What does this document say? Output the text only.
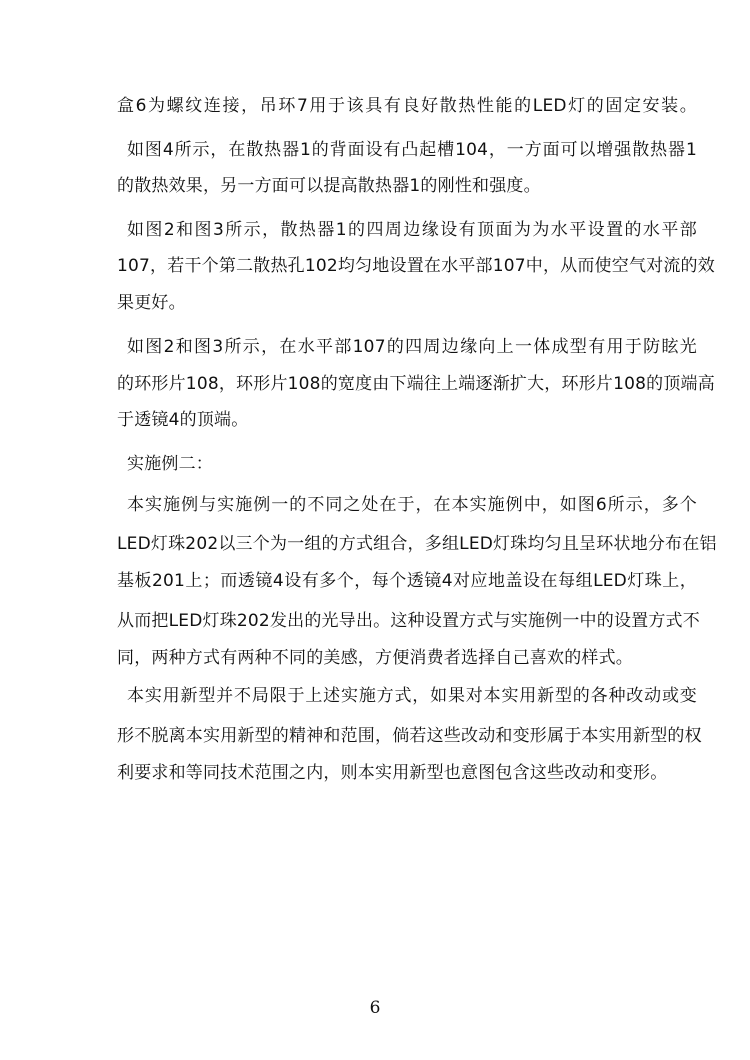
盒6为螺纹连接，吊环7用于该具有良好散热性能的LED灯的固定安装。
如图4所示，在散热器1的背面设有凸起槽104，一方面可以增强散热器1
的散热效果，另一方面可以提高散热器1的刚性和强度。
如图2和图3所示，散热器1的四周边缘设有顶面为为水平设置的水平部
107，若干个第二散热孔102均匀地设置在水平部107中，从而使空气对流的效
果更好。
如图2和图3所示，在水平部107的四周边缘向上一体成型有用于防眩光
的环形片108，环形片108的宽度由下端往上端逐渐扩大，环形片108的顶端高
于透镜4的顶端。
实施例二：
本实施例与实施例一的不同之处在于，在本实施例中，如图6所示，多个
LED灯珠202以三个为一组的方式组合，多组LED灯珠均匀且呈环状地分布在铝
基板201上；而透镜4设有多个，每个透镜4对应地盖设在每组LED灯珠上，
从而把LED灯珠202发出的光导出。这种设置方式与实施例一中的设置方式不
同，两种方式有两种不同的美感，方便消费者选择自己喜欢的样式。
本实用新型并不局限于上述实施方式，如果对本实用新型的各种改动或变
形不脱离本实用新型的精神和范围，倘若这些改动和变形属于本实用新型的权
利要求和等同技术范围之内，则本实用新型也意图包含这些改动和变形。
6
